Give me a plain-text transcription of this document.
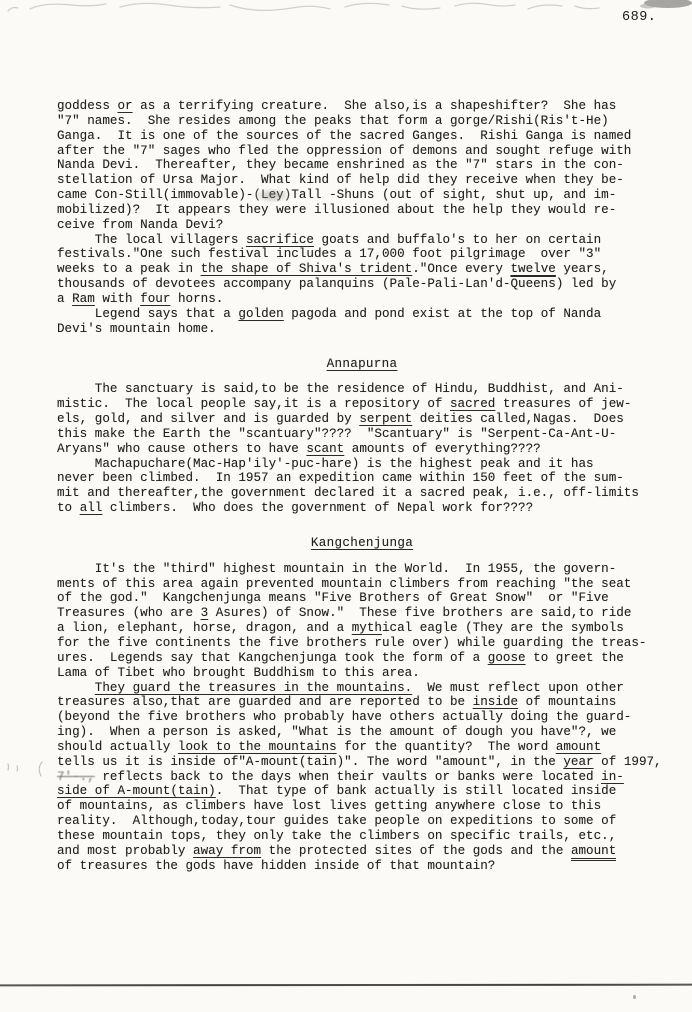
689.
goddess or as a terrifying creature.  She also,is a shapeshifter?  She has
"7" names.  She resides among the peaks that form a gorge/Rishi(Ris't-He)
Ganga.  It is one of the sources of the sacred Ganges.  Rishi Ganga is named
after the "7" sages who fled the oppression of demons and sought refuge with
Nanda Devi.  Thereafter, they became enshrined as the "7" stars in the con-
stellation of Ursa Major.  What kind of help did they receive when they be-
came Con-Still(immovable)-(Ley)Tall -Shuns (out of sight, shut up, and im-
mobilized)?  It appears they were illusioned about the help they would re-
ceive from Nanda Devi?
The local villagers sacrifice goats and buffalo's to her on certain
festivals."One such festival includes a 17,000 foot pilgrimage  over "3"
weeks to a peak in the shape of Shiva's trident."Once every twelve years,
thousands of devotees accompany palanquins (Pale-Pali-Lan'd-Queens) led by
a Ram with four horns.
Legend says that a golden pagoda and pond exist at the top of Nanda
Devi's mountain home.
Annapurna
The sanctuary is said,to be the residence of Hindu, Buddhist, and Ani-
mistic.  The local people say,it is a repository of sacred treasures of jew-
els, gold, and silver and is guarded by serpent deities called,Nagas.  Does
this make the Earth the "scantuary"????  "Scantuary" is "Serpent-Ca-Ant-U-
Aryans" who cause others to have scant amounts of everything????
Machapuchare(Mac-Hap'ily'-puc-hare) is the highest peak and it has
never been climbed.  In 1957 an expedition came within 150 feet of the sum-
mit and thereafter,the government declared it a sacred peak, i.e., off-limits
to all climbers.  Who does the government of Nepal work for????
Kangchenjunga
It's the "third" highest mountain in the World.  In 1955, the govern-
ments of this area again prevented mountain climbers from reaching "the seat
of the god."  Kangchenjunga means "Five Brothers of Great Snow"  or "Five
Treasures (who are 3 Asures) of Snow."  These five brothers are said,to ride
a lion, elephant, horse, dragon, and a mythical eagle (They are the symbols
for the five continents the five brothers rule over) while guarding the treas-
ures.  Legends say that Kangchenjunga took the form of a goose to greet the
Lama of Tibet who brought Buddhism to this area.
They guard the treasures in the mountains.  We must reflect upon other
treasures also,that are guarded and are reported to be inside of mountains
(beyond the five brothers who probably have others actually doing the guard-
ing).  When a person is asked, "What is the amount of dough you have"?, we
should actually look to the mountains for the quantity?  The word amount
tells us it is inside of"A-mount(tain)". The word "amount", in the year of 1997,
7'-., reflects back to the days when their vaults or banks were located in-
side of A-mount(tain).  That type of bank actually is still located inside
of mountains, as climbers have lost lives getting anywhere close to this
reality.  Although,today,tour guides take people on expeditions to some of
these mountain tops, they only take the climbers on specific trails, etc.,
and most probably away from the protected sites of the gods and the amount
of treasures the gods have hidden inside of that mountain?
